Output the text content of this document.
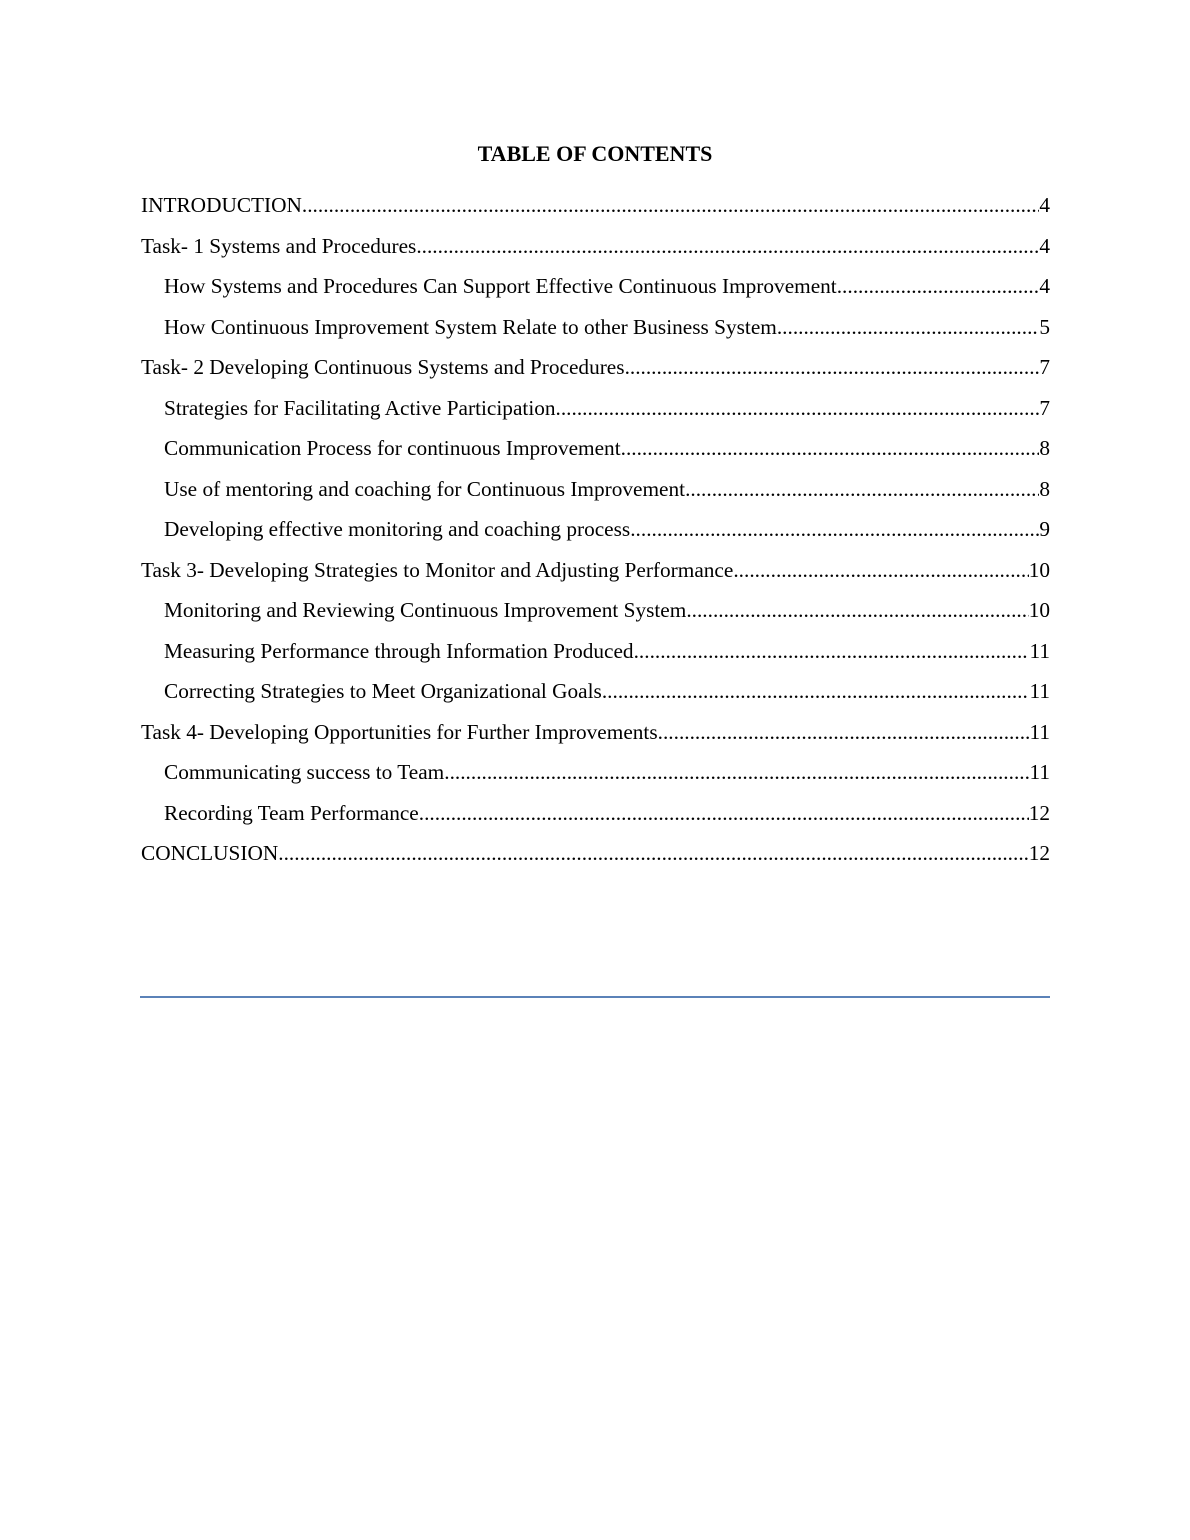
TABLE OF CONTENTS
INTRODUCTION .....	4
Task- 1 Systems and Procedures .....	4
How Systems and Procedures Can Support Effective Continuous Improvement .....	4
How Continuous Improvement System Relate to other Business System .....	5
Task- 2 Developing Continuous Systems and Procedures .....	7
Strategies for Facilitating Active Participation .....	7
Communication Process for continuous Improvement .....	8
Use of mentoring and coaching for Continuous Improvement .....	8
Developing effective monitoring and coaching process .....	9
Task 3- Developing Strategies to Monitor and Adjusting Performance .....	10
Monitoring and Reviewing Continuous Improvement System .....	10
Measuring Performance through Information Produced .....	11
Correcting Strategies to Meet Organizational Goals .....	11
Task 4- Developing Opportunities for Further Improvements .....	11
Communicating success to Team .....	11
Recording Team Performance .....	12
CONCLUSION .....	12
